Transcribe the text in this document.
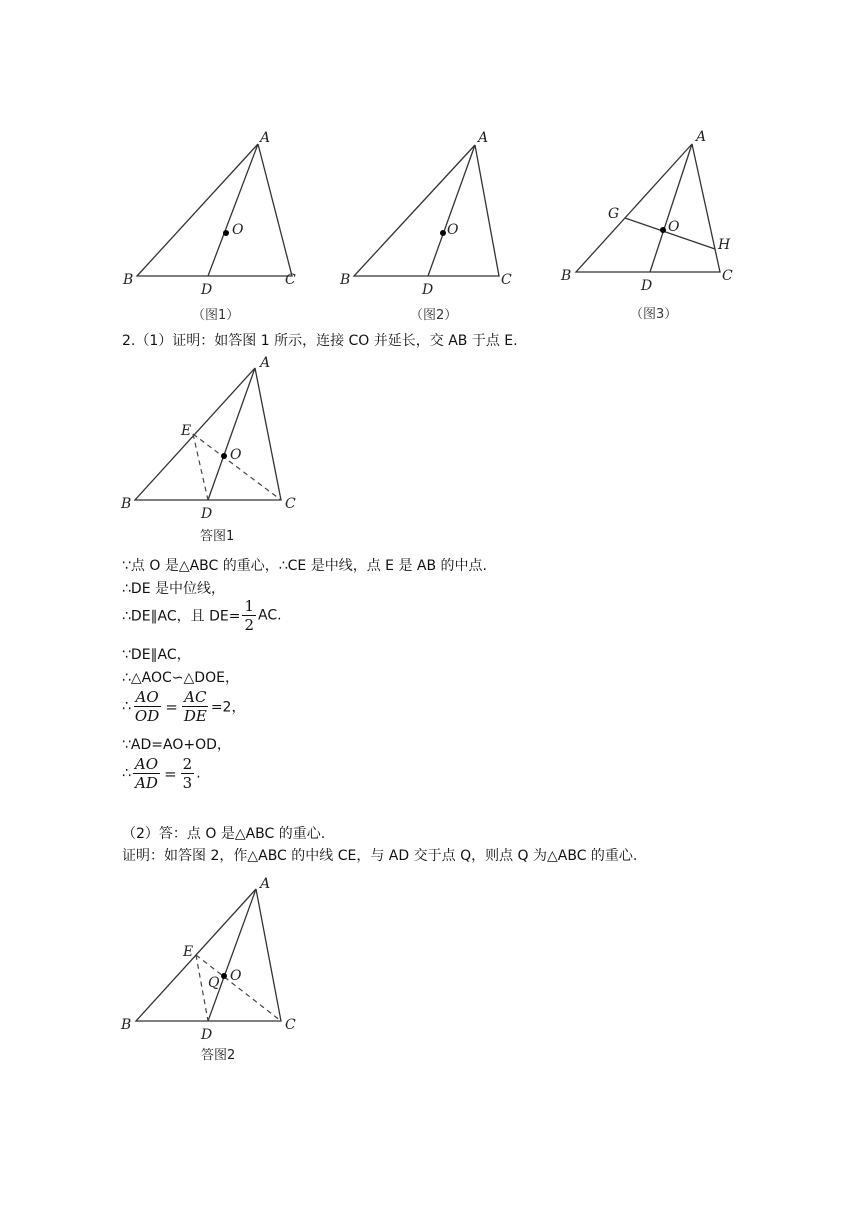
A
B	C
D
O
（图1）
A
B	C
D
O
（图2）
A
B	C
D
O
G
H
（图3）
2.（1）证明：如答图 1 所示，连接 CO 并延长，交 AB 于点 E.
A
B	C
D
O
E
答图1
∵点 O 是△ABC 的重心，∴CE 是中线，点 E 是 AB 的中点.
∴DE 是中位线，
∴DE∥AC，且 $DE= \frac{1}{2}$ AC.
∵DE∥AC，
∴△AOC∽△DOE，
∴ $\frac{AO}{OD} = \frac{AC}{DE} =2$，
∵AD=AO+OD，
∴ $\frac{AO}{AD} = \frac{2}{3}$ .
（2）答：点 O 是△ABC 的重心.
证明：如答图 2，作△ABC 的中线 CE，与 AD 交于点 Q，则点 Q 为△ABC 的重心.
A
B	C
D
O
E
Q
答图2
